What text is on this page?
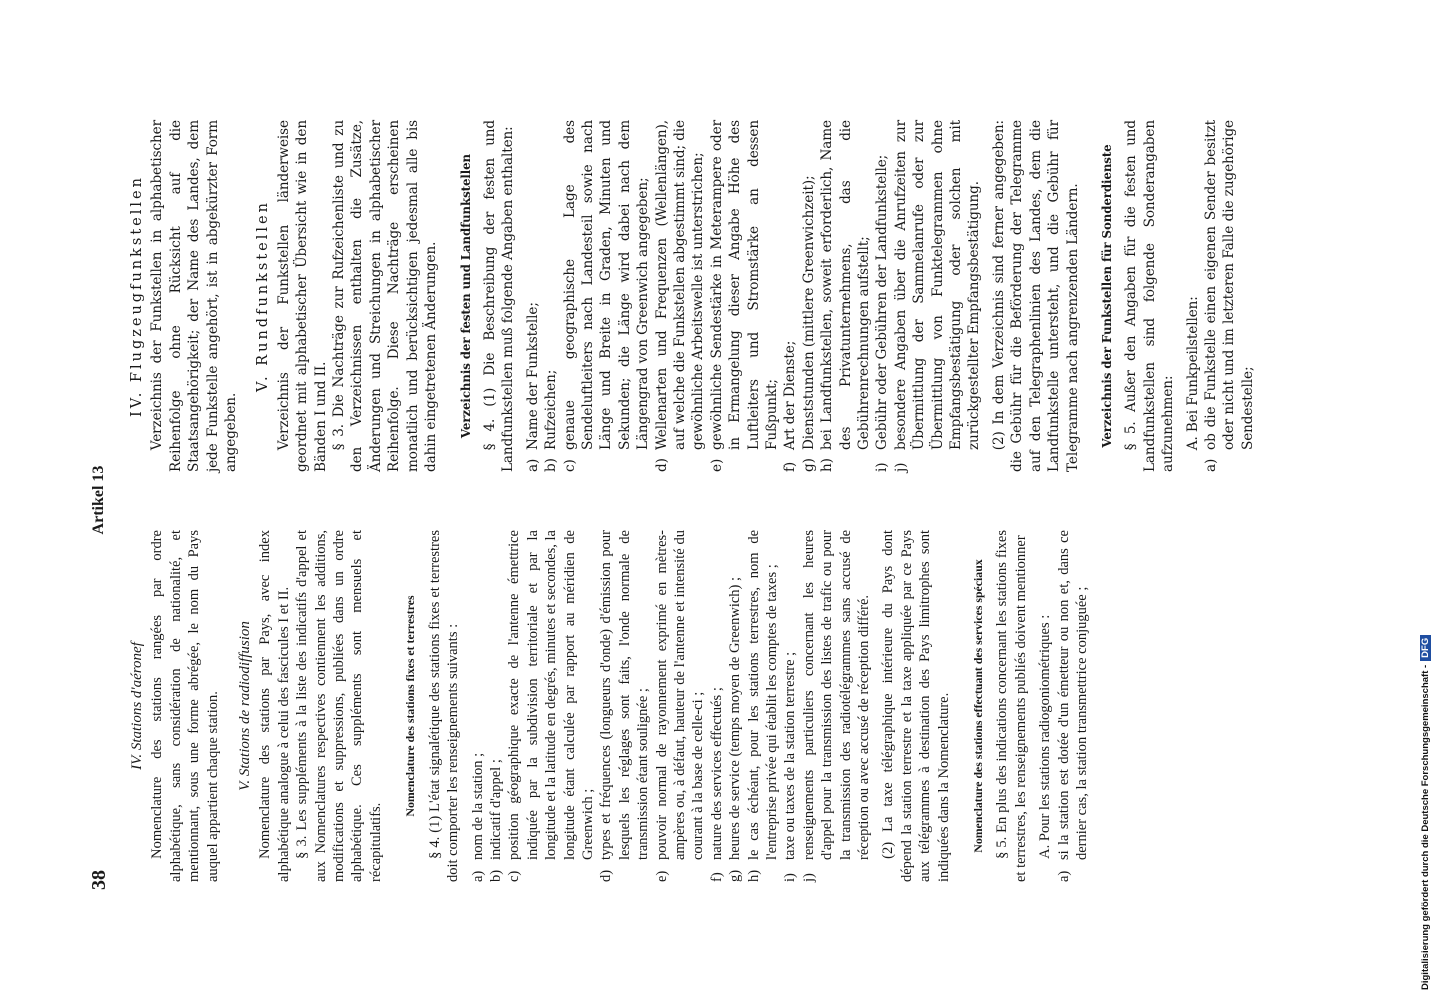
38
Artikel 13
IV. Stations d'aéronef Nomenclature des stations rangées par ordre alphabétique, sans considération de nationalité, et mentionnant, sous une forme abrégée, le nom du Pays auquel appartient chaque station. V. Stations de radiodiffusion Nomenclature des stations par Pays, avec index alphabétique analogue à celui des fascicules I et II. § 3. Les suppléments à la liste des indicatifs d'appel et aux Nomenclatures respectives contiennent les additions, modifications et suppressions, publiées dans un ordre alphabétique. Ces suppléments sont mensuels et récapitulatifs.

Nomenclature des stations fixes et terrestres § 4. (1) L'état signalétique des stations fixes et terrestres doit comporter les renseignements suivants : a)
nom de la station ;
b)
indicatif d'appel ;
c)
position géographique exacte de l'antenne émettrice indiquée par la subdivision territoriale et par la longitude et la latitude en degrés, minutes et secondes, la longitude étant calculée par rapport au méridien de Greenwich ;
d)
types et fréquences (longueurs d'onde) d'émission pour lesquels les réglages sont faits, l'onde normale de transmission étant soulignée ;
e)
pouvoir normal de rayonnement exprimé en mètres-ampères ou, à défaut, hauteur de l'antenne et intensité du courant à la base de celle-ci ;
f)
nature des services effectués ;
g)
heures de service (temps moyen de Greenwich) ;
h)
le cas échéant, pour les stations terrestres, nom de l'entreprise privée qui établit les comptes de taxes ;
i)
taxe ou taxes de la station terrestre ;
j)
renseignements particuliers concernant les heures d'appel pour la transmission des listes de trafic ou pour la transmission des radiotélégrammes sans accusé de réception ou avec accusé de réception différé. (2) La taxe télégraphique intérieure du Pays dont dépend la station terrestre et la taxe appliquée par ce Pays aux télégrammes à destination des Pays limitrophes sont indiquées dans la Nomenclature. Nomenclature des stations effectuant des services spéciaux § 5. En plus des indications concernant les stations fixes et terrestres, les renseignements publiés doivent mentionner A. Pour les stations radiogoniométriques :

a)
si la station est dotée d'un émetteur ou non et, dans ce dernier cas, la station transmettrice conjuguée ;
IV. Flugzeugfunkstellen Verzeichnis der Funkstellen in alphabetischer Reihenfolge ohne Rücksicht auf die Staatsangehörigkeit; der Name des Landes, dem jede Funkstelle angehört, ist in abgekürzter Form angegeben.

V. Rundfunkstellen Verzeichnis der Funkstellen länderweise geordnet mit alphabetischer Übersicht wie in den Bänden I und II. § 3. Die Nachträge zur Rufzeichenliste und zu den Verzeichnissen enthalten die Zusätze, Änderungen und Streichungen in alphabetischer Reihenfolge. Diese Nachträge erscheinen monatlich und berücksichtigen jedesmal alle bis dahin eingetretenen Änderungen. Verzeichnis der festen und Landfunkstellen § 4. (1) Die Beschreibung der festen und Landfunkstellen muß folgende Angaben enthalten: a)
Name der Funkstelle;
b)
Rufzeichen;
c)
genaue geographische Lage des Sendeluftleiters nach Landesteil sowie nach Länge und Breite in Graden, Minuten und Sekunden; die Länge wird dabei nach dem Längengrad von Greenwich angegeben;
d)
Wellenarten und Frequenzen (Wellenlängen), auf welche die Funkstellen abgestimmt sind; die gewöhnliche Arbeitswelle ist unterstrichen;
e)
gewöhnliche Sendestärke in Meterampere oder in Ermangelung dieser Angabe Höhe des Luftleiters und Stromstärke an dessen Fußpunkt;
f)
Art der Dienste;
g)
Dienststunden (mittlere Greenwichzeit);
h)
bei Landfunkstellen, soweit erforderlich, Name des Privatunternehmens, das die Gebührenrechnungen aufstellt;
i)
Gebühr oder Gebühren der Landfunkstelle;
j)
besondere Angaben über die Anrufzeiten zur Übermittlung der Sammelanrufe oder zur Übermittlung von Funktelegrammen ohne Empfangsbestätigung oder solchen mit zurückgestellter Empfangsbestätigung. (2) In dem Verzeichnis sind ferner angegeben: die Gebühr für die Beförderung der Telegramme auf den Telegraphenlinien des Landes, dem die Landfunkstelle untersteht, und die Gebühr für Telegramme nach angrenzenden Ländern. Verzeichnis der Funkstellen für Sonderdienste § 5. Außer den Angaben für die festen und Landfunkstellen sind folgende Sonderangaben aufzunehmen: A. Bei Funkpeilstellen:

a)
ob die Funkstelle einen eigenen Sender besitzt oder nicht und im letzteren Falle die zugehörige Sendestelle;
Digitalisierung gefördert durch die Deutsche Forschungsgemeinschaft -DFG
